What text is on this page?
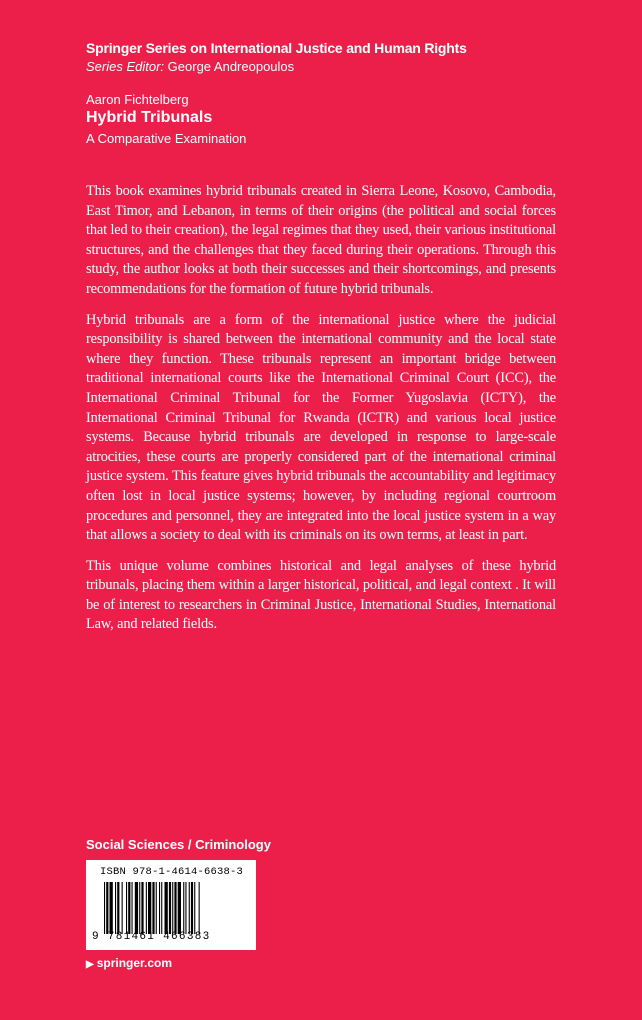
Springer Series on International Justice and Human Rights
Series Editor: George Andreopoulos
Aaron Fichtelberg
Hybrid Tribunals
A Comparative Examination

This book examines hybrid tribunals created in Sierra Leone, Kosovo, Cambodia, East Timor, and Lebanon, in terms of their origins (the political and social forces that led to their creation), the legal regimes that they used, their various institutional structures, and the challenges that they faced during their operations. Through this study, the author looks at both their successes and their shortcomings, and presents recommendations for the formation of future hybrid tribunals.

Hybrid tribunals are a form of the international justice where the judicial responsibility is shared between the international community and the local state where they function. These tribunals represent an important bridge between traditional international courts like the International Criminal Court (ICC), the International Criminal Tribunal for the Former Yugoslavia (ICTY), the International Criminal Tribunal for Rwanda (ICTR) and various local justice systems. Because hybrid tribunals are developed in response to large-scale atrocities, these courts are properly considered part of the international criminal justice system. This feature gives hybrid tribunals the accountability and legitimacy often lost in local justice systems; however, by including regional courtroom procedures and personnel, they are integrated into the local justice system in a way that allows a society to deal with its criminals on its own terms, at least in part.

This unique volume combines historical and legal analyses of these hybrid tribunals, placing them within a larger historical, political, and legal context . It will be of interest to researchers in Criminal Justice, International Studies, International Law, and related fields.

Social Sciences / Criminology
ISBN 978-1-4614-6638-3
9 781461 466383
▶ springer.com
